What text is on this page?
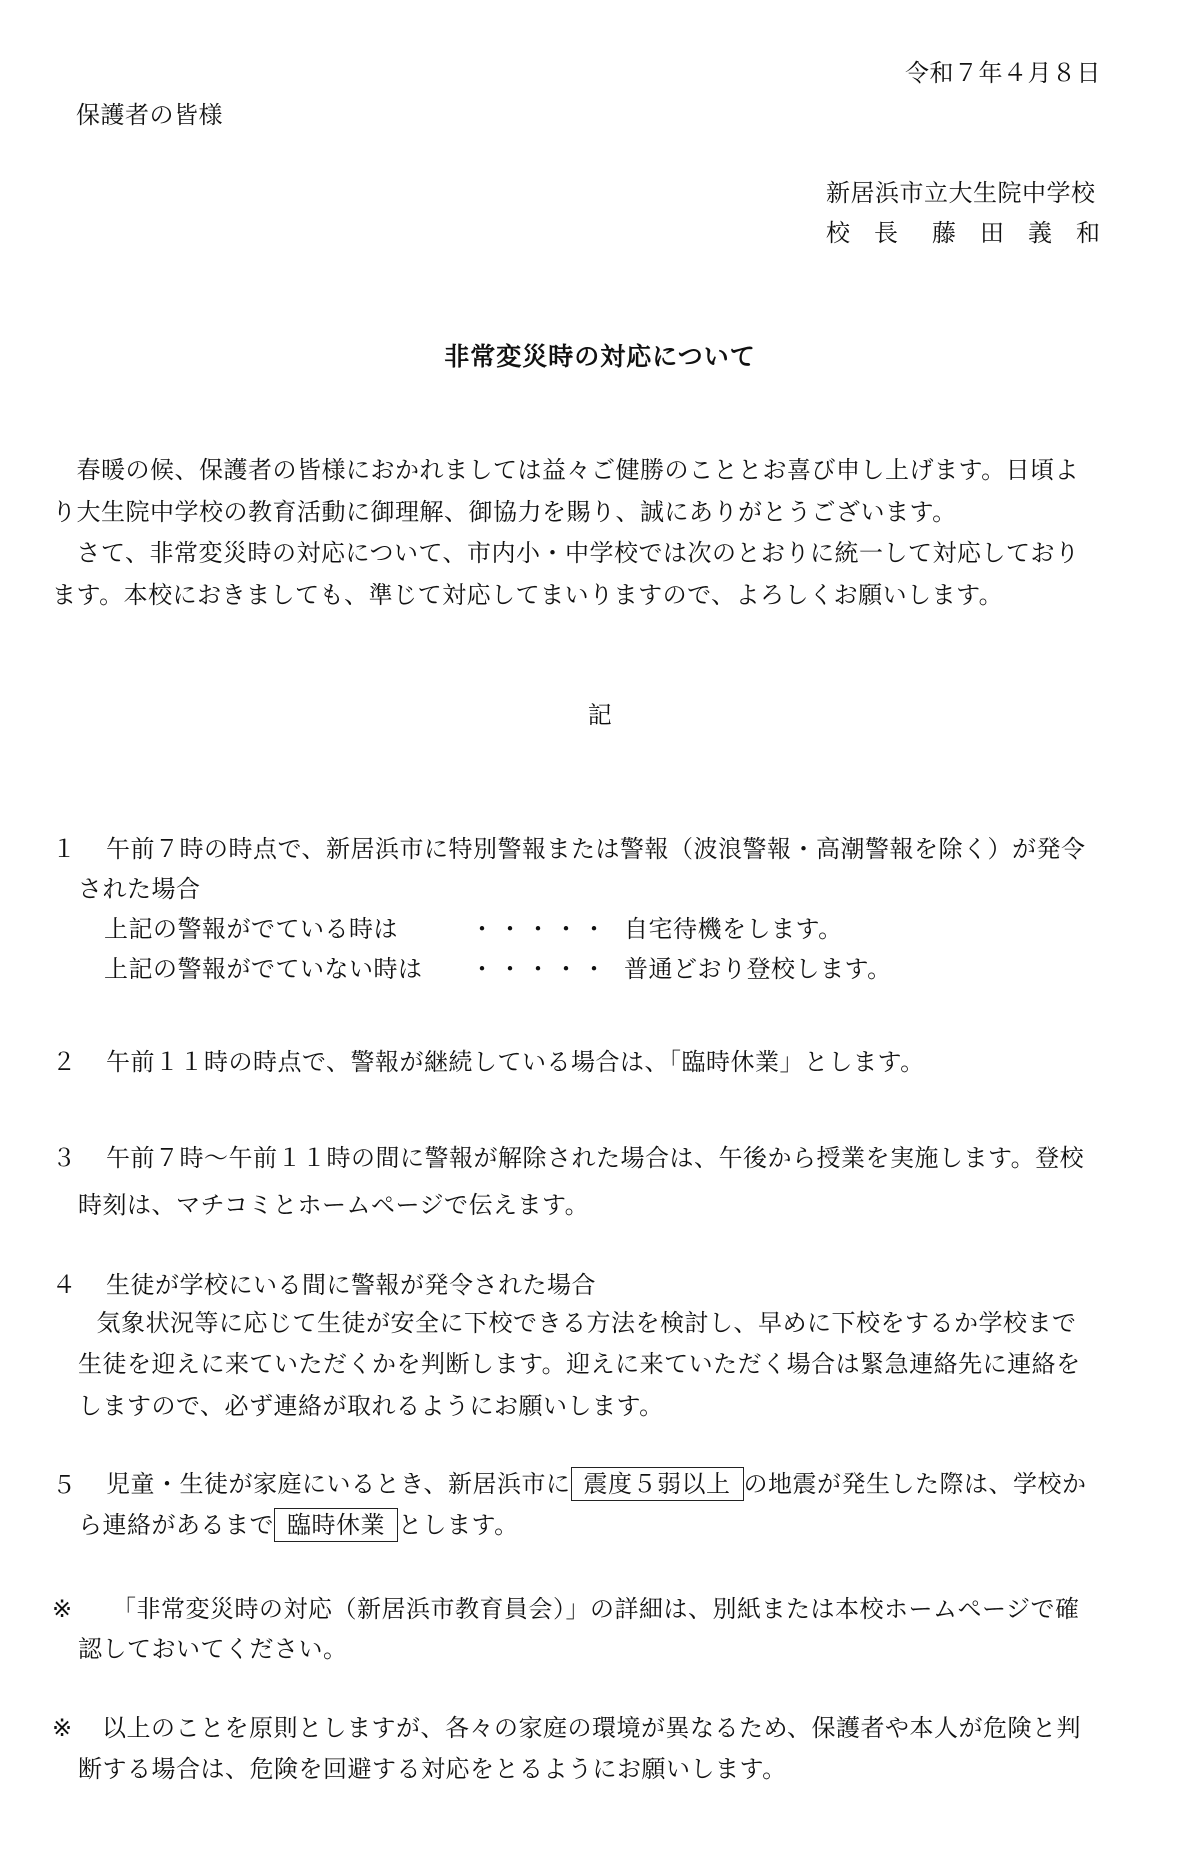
令和７年４月８日
保護者の皆様
新居浜市立大生院中学校
校　長 藤　田　義　和
非常変災時の対応について
　春暖の候、保護者の皆様におかれましては益々ご健勝のこととお喜び申し上げます。日頃よ
り大生院中学校の教育活動に御理解、御協力を賜り、誠にありがとうございます。
　さて、非常変災時の対応について、市内小・中学校では次のとおりに統一して対応しており
ます。本校におきましても、準じて対応してまいりますので、よろしくお願いします。
記
１ 午前７時の時点で、新居浜市に特別警報または警報（波浪警報・高潮警報を除く）が発令
された場合
上記の警報がでている時は	・・・・・ 自宅待機をします。
上記の警報がでていない時は ・・・・・ 普通どおり登校します。
２ 午前１１時の時点で、警報が継続している場合は、「臨時休業」とします。
３ 午前７時～午前１１時の間に警報が解除された場合は、午後から授業を実施します。登校
時刻は、マチコミとホームページで伝えます。
４ 生徒が学校にいる間に警報が発令された場合
　気象状況等に応じて生徒が安全に下校できる方法を検討し、早めに下校をするか学校まで
生徒を迎えに来ていただくかを判断します。迎えに来ていただく場合は緊急連絡先に連絡を
しますので、必ず連絡が取れるようにお願いします。
５ 児童・生徒が家庭にいるとき、新居浜市に 震度５弱以上 の地震が発生した際は、学校か
ら連絡があるまで 臨時休業 とします。
※ 「非常変災時の対応（新居浜市教育員会）」の詳細は、別紙または本校ホームページで確
認しておいてください。
※ 以上のことを原則としますが、各々の家庭の環境が異なるため、保護者や本人が危険と判
断する場合は、危険を回避する対応をとるようにお願いします。
